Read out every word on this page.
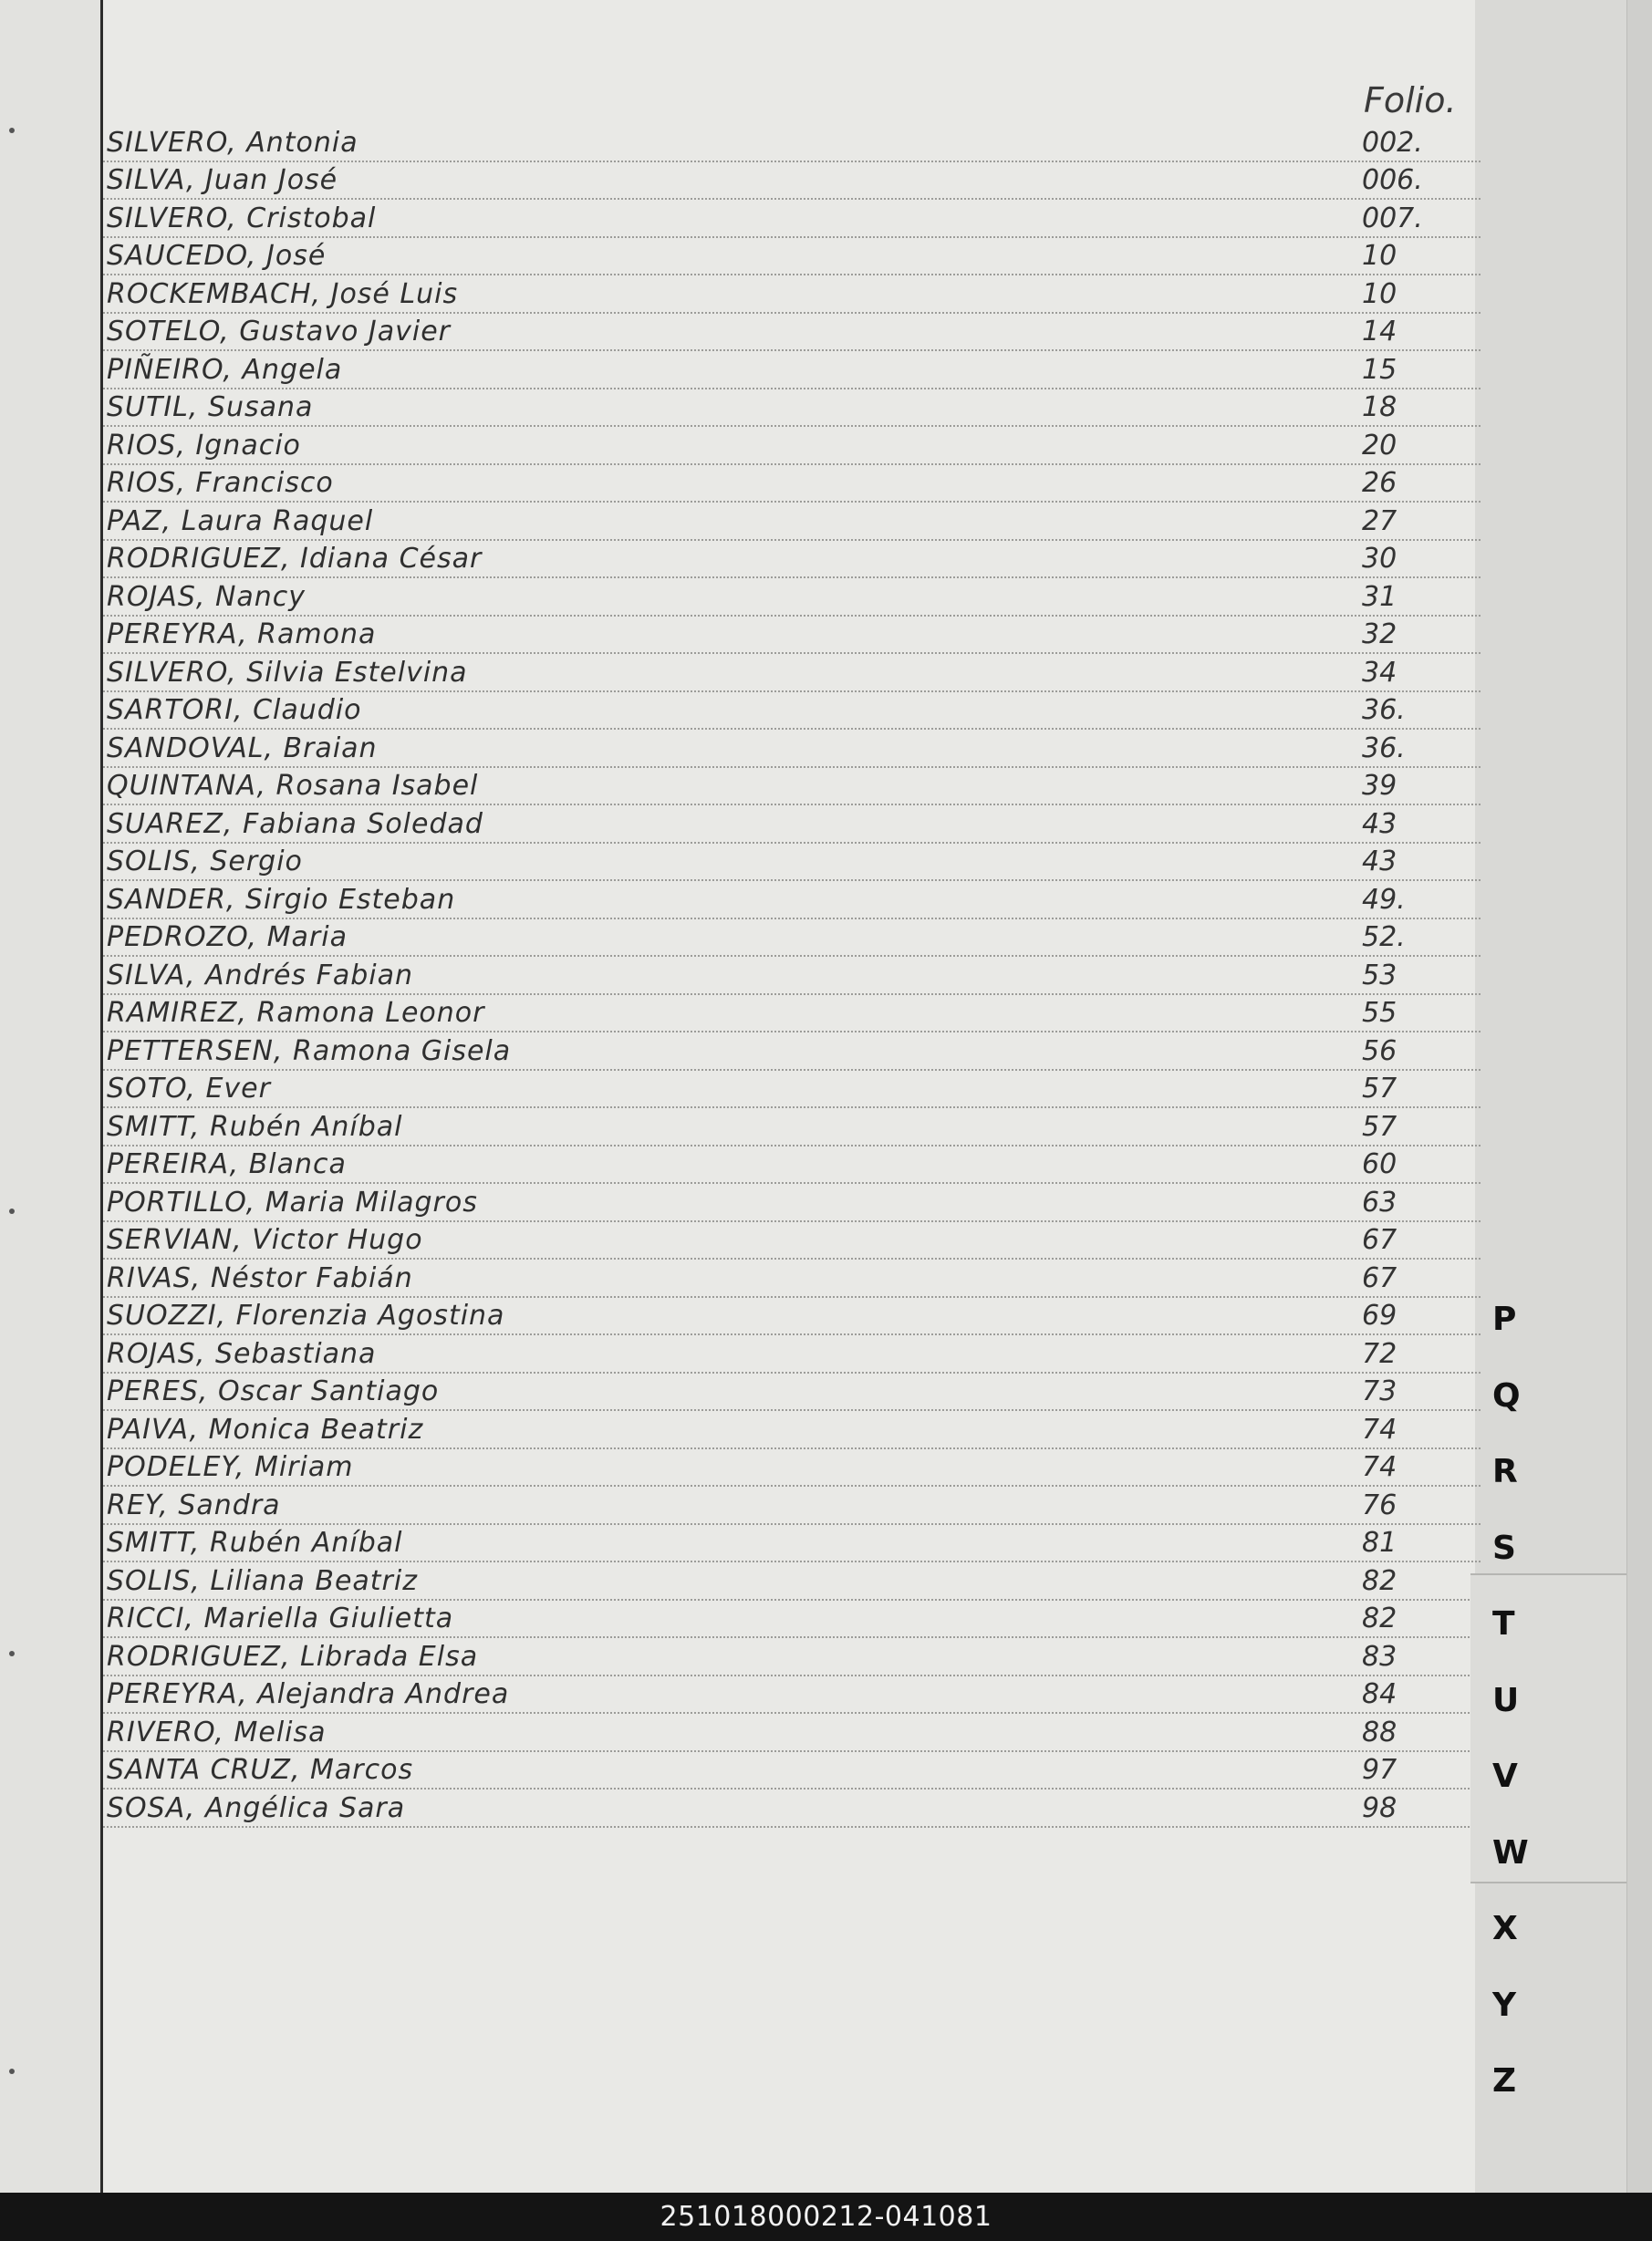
Folio.
SILVERO, Antonia	002.
SILVA, Juan José	006.
SILVERO, Cristobal	007.
SAUCEDO, José	10
ROCKEMBACH, José Luis	10
SOTELO, Gustavo Javier	14
PIÑEIRO, Angela	15
SUTIL, Susana	18
RIOS, Ignacio	20
RIOS, Francisco	26
PAZ, Laura Raquel	27
RODRIGUEZ, Idiana César	30
ROJAS, Nancy	31
PEREYRA, Ramona	32
SILVERO, Silvia Estelvina	34
SARTORI, Claudio	36.
SANDOVAL, Braian	36.
QUINTANA, Rosana Isabel	39
SUAREZ, Fabiana Soledad	43
SOLIS, Sergio	43
SANDER, Sirgio Esteban	49.
PEDROZO, Maria	52.
SILVA, Andrés Fabian	53
RAMIREZ, Ramona Leonor	55
PETTERSEN, Ramona Gisela	56
SOTO, Ever	57
SMITT, Rubén Aníbal	57
PEREIRA, Blanca	60
PORTILLO, Maria Milagros	63
SERVIAN, Victor Hugo	67
RIVAS, Néstor Fabián	67
SUOZZI, Florenzia Agostina	69
ROJAS, Sebastiana	72
PERES, Oscar Santiago	73
PAIVA, Monica Beatriz	74
PODELEY, Miriam	74
REY, Sandra	76
SMITT, Rubén Aníbal	81
SOLIS, Liliana Beatriz	82
RICCI, Mariella Giulietta	82
RODRIGUEZ, Librada Elsa	83
PEREYRA, Alejandra Andrea	84
RIVERO, Melisa	88
SANTA CRUZ, Marcos	97
SOSA, Angélica Sara	98
P
Q
R
S
T
U
V
W
X
Y
Z
251018000212-041081
